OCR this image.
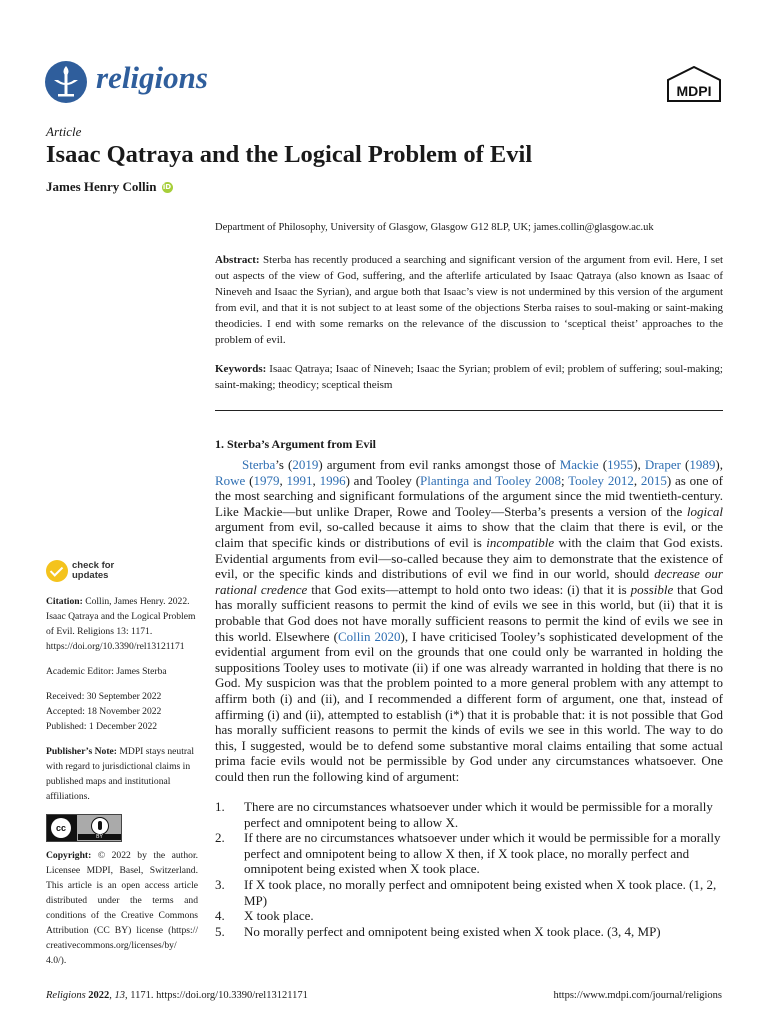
religions	MDPI
Article
Isaac Qatraya and the Logical Problem of Evil
James Henry Collin iD
Department of Philosophy, University of Glasgow, Glasgow G12 8LP, UK; james.collin@glasgow.ac.uk
Abstract: Sterba has recently produced a searching and significant version of the argument from evil. Here, I set out aspects of the view of God, suffering, and the afterlife articulated by Isaac Qatraya (also known as Isaac of Nineveh and Isaac the Syrian), and argue both that Isaac’s view is not undermined by this version of the argument from evil, and that it is not subject to at least some of the objections Sterba raises to soul-making or saint-making theodicies. I end with some remarks on the relevance of the discussion to ‘sceptical theist’ approaches to the problem of evil.
Keywords: Isaac Qatraya; Isaac of Nineveh; Isaac the Syrian; problem of evil; problem of suffering; soul-making; saint-making; theodicy; sceptical theism
check for
updates
Citation: Collin, James Henry. 2022. Isaac Qatraya and the Logical Problem of Evil. Religions 13: 1171. https://doi.org/10.3390/rel13121171
Academic Editor: James Sterba
Received: 30 September 2022
Accepted: 18 November 2022
Published: 1 December 2022
Publisher’s Note: MDPI stays neutral with regard to jurisdictional claims in published maps and institutional affiliations.
cc
BY
Copyright: © 2022 by the author. Licensee MDPI, Basel, Switzerland. This article is an open access article distributed under the terms and conditions of the Creative Commons Attribution (CC BY) license (https:// creativecommons.org/licenses/by/ 4.0/).
1. Sterba’s Argument from Evil

Sterba’s (2019) argument from evil ranks amongst those of Mackie (1955), Draper (1989), Rowe (1979, 1991, 1996) and Tooley (Plantinga and Tooley 2008; Tooley 2012, 2015) as one of the most searching and significant formulations of the argument since the mid twentieth-century. Like Mackie—but unlike Draper, Rowe and Tooley—Sterba’s presents a version of the logical argument from evil, so-called because it aims to show that the claim that there is evil, or the claim that specific kinds or distributions of evil is incompatible with the claim that God exists. Evidential arguments from evil—so-called because they aim to demonstrate that the existence of evil, or the specific kinds and distributions of evil we find in our world, should decrease our rational credence that God exits—attempt to hold onto two ideas: (i) that it is possible that God has morally sufficient reasons to permit the kind of evils we see in this world, but (ii) that it is probable that God does not have morally sufficient reasons to permit the kind of evils we see in this world. Elsewhere (Collin 2020), I have criticised Tooley’s sophisticated development of the evidential argument from evil on the grounds that one could only be warranted in holding the suppositions Tooley uses to motivate (ii) if one was already warranted in holding that there is no God. My suspicion was that the problem pointed to a more general problem with any attempt to affirm both (i) and (ii), and I recommended a different form of argument, one that, instead of affirming (i) and (ii), attempted to establish (i*) that it is probable that: it is not possible that God has morally sufficient reasons to permit the kinds of evils we see in this world. The way to do this, I suggested, would be to defend some substantive moral claims entailing that some actual prima facie evils would not be permissible by God under any circumstances whatsoever. One could then run the following kind of argument:

1.	There are no circumstances whatsoever under which it would be permissible for a morally perfect and omnipotent being to allow X.
2.	If there are no circumstances whatsoever under which it would be permissible for a morally perfect and omnipotent being to allow X then, if X took place, no morally perfect and omnipotent being existed when X took place.
3.	If X took place, no morally perfect and omnipotent being existed when X took place. (1, 2, MP)
4.	X took place.
5.	No morally perfect and omnipotent being existed when X took place. (3, 4, MP)
Religions 2022, 13, 1171. https://doi.org/10.3390/rel13121171	https://www.mdpi.com/journal/religions
